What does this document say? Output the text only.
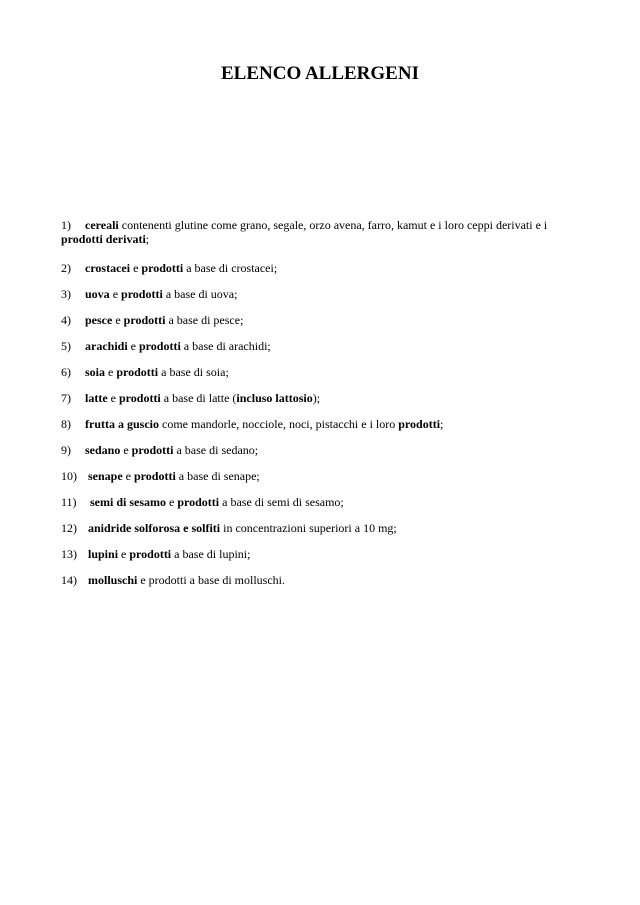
ELENCO ALLERGENI
1) cereali contenenti glutine come grano, segale, orzo avena, farro, kamut e i loro ceppi derivati e i prodotti derivati;
2) crostacei e prodotti a base di crostacei;
3) uova e prodotti a base di uova;
4) pesce e prodotti a base di pesce;
5) arachidi e prodotti a base di arachidi;
6) soia e prodotti a base di soia;
7) latte e prodotti a base di latte (incluso lattosio);
8) frutta a guscio come mandorle, nocciole, noci, pistacchi e i loro prodotti;
9) sedano e prodotti a base di sedano;
10) senape e prodotti a base di senape;
11) semi di sesamo e prodotti a base di semi di sesamo;
12) anidride solforosa e solfiti in concentrazioni superiori a 10 mg;
13) lupini e prodotti a base di lupini;
14) molluschi e prodotti a base di molluschi.
